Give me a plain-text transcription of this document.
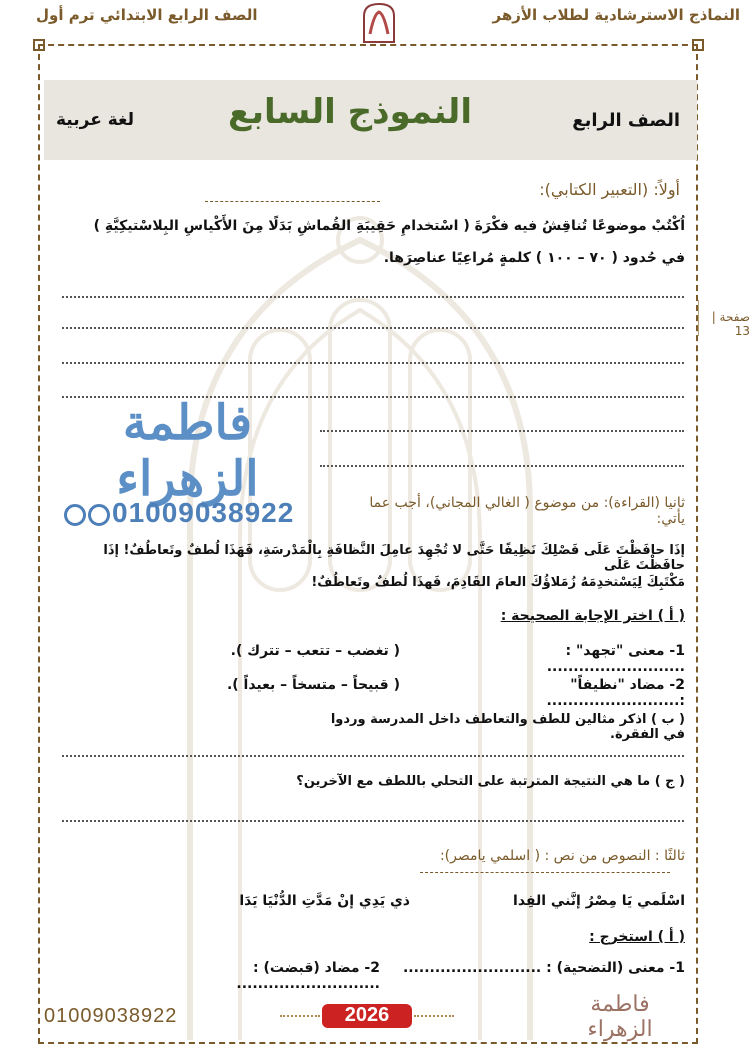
الصف الرابع الابتدائي ترم أول	النماذج الاسترشادية لطلاب الأزهر
الصف الرابع
النموذج السابع
لغة عربية
صفحة | 13
أولاً: (التعبير الكتابي):
اُكْتُبْ موضوعًا تُناقِشُ فيه فكْرَةَ ( اسْتخدامِ حَقِيبَةِ القُماشِ بَدَلًا مِنَ الأَكْياسِ البِلاسْتيكِيَّةِ )
في حُدود ( ٧٠ – ١٠٠ ) كلمةٍ مُراعِيًا عناصِرَها.
فاطمة الزهراء
01009038922	ثانيا (القراءة): من موضوع ( الغالي المجاني)، أجب عما يأتي:
إذَا حافَظْتَ عَلَى فَصْلِكَ نَظِيفًا حَتَّى لا تُجْهِدَ عامِلَ النَّظافَةِ بِالْمَدْرسَةِ، فَهَذَا لُطفٌ وتَعاطُفٌ! إذَا حافَظْتَ عَلَى
مَكْتَبِكَ لِيَسْتخدِمَهُ زُمَلاؤُكَ العامَ القَادِمَ، فَهذَا لُطفٌ وتَعاطُفٌ!
( أ ) اختر الإجابة الصحيحة :
1- معنى "تجهد" : ..........................
( تغضب – تتعب – تترك ).
2- مضاد "نظيفاً" :.........................
( قبيحاً – متسخاً – بعيداً ).
( ب ) اذكر مثالين للطف والتعاطف داخل المدرسة وردوا في الفقرة.
( ج ) ما هي النتيجة المترتبة على التحلي باللطف مع الآخرين؟
ثالثًا : النصوص من نص : ( اسلمي يامصر):
اسْلَمي يَا مِصْرُ إنَّني الفِدا
ذي يَدِي إنْ مَدَّتِ الدُّنْيَا يَدَا
( أ ) استخرج :
1- معنى (التضحية) : ..........................
2- مضاد (قبضت) : ...........................
01009038922	2026	فاطمة الزهراء
